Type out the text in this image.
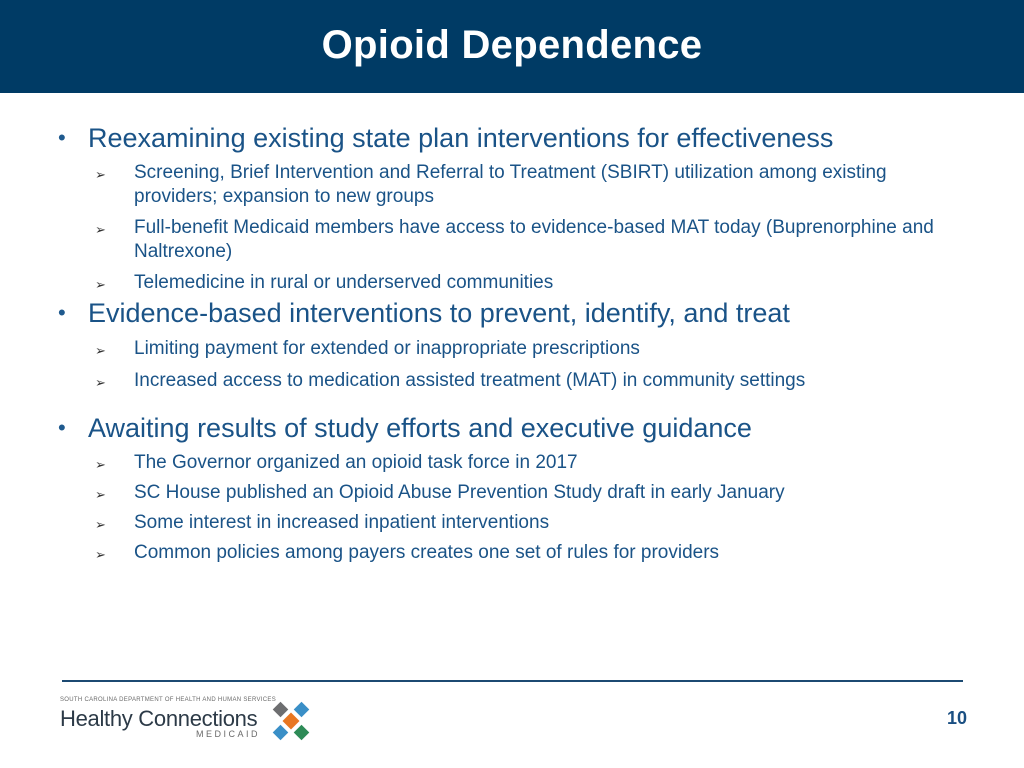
Opioid Dependence
• Reexamining existing state plan interventions for effectiveness
➢	Screening, Brief Intervention and Referral to Treatment (SBIRT) utilization among existing providers; expansion to new groups
➢	Full-benefit Medicaid members have access to evidence-based MAT today (Buprenorphine and Naltrexone)
➢	Telemedicine in rural or underserved communities
• Evidence-based interventions to prevent, identify, and treat
➢	Limiting payment for extended or inappropriate prescriptions
➢	Increased access to medication assisted treatment (MAT) in community settings
• Awaiting results of study efforts and executive guidance
➢	The Governor organized an opioid task force in 2017
➢	SC House published an Opioid Abuse Prevention Study draft in early January
➢	Some interest in increased inpatient interventions
➢	Common policies among payers creates one set of rules for providers
SOUTH CAROLINA DEPARTMENT OF HEALTH AND HUMAN SERVICES
Healthy Connections
MEDICAID
10
